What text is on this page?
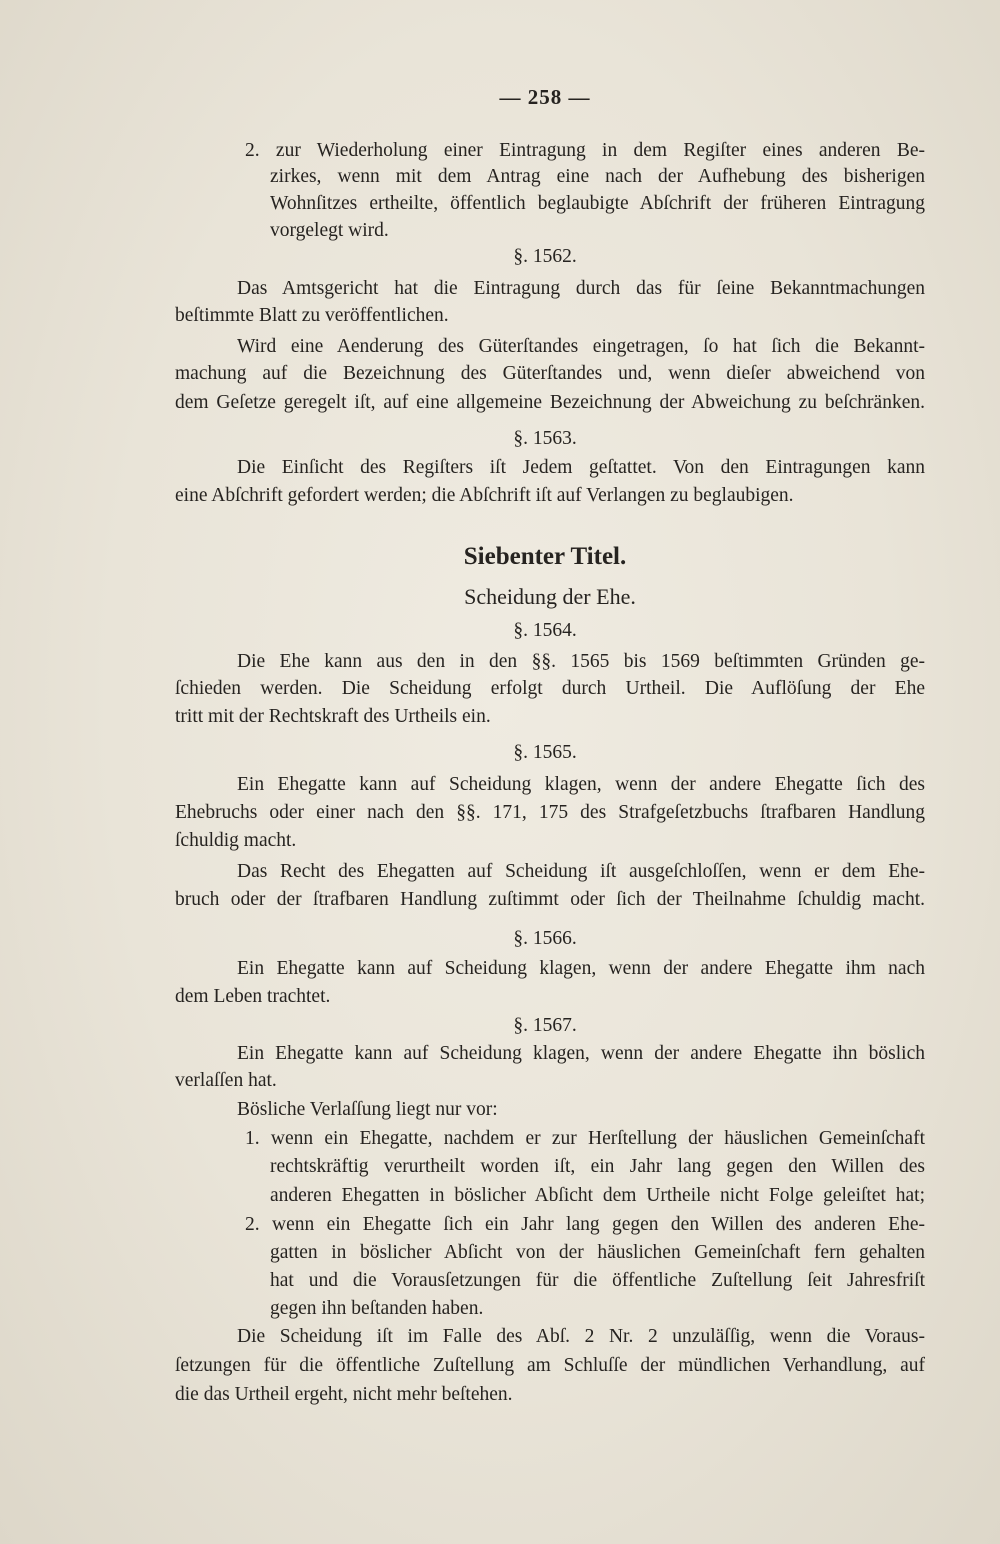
— 258 —
2. zur Wiederholung einer Eintragung in dem Regiſter eines anderen Be-
zirkes, wenn mit dem Antrag eine nach der Aufhebung des bisherigen
Wohnſitzes ertheilte, öffentlich beglaubigte Abſchrift der früheren Eintragung
vorgelegt wird.
§. 1562.
Das Amtsgericht hat die Eintragung durch das für ſeine Bekanntmachungen
beſtimmte Blatt zu veröffentlichen.
Wird eine Aenderung des Güterſtandes eingetragen, ſo hat ſich die Bekannt-
machung auf die Bezeichnung des Güterſtandes und, wenn dieſer abweichend von
dem Geſetze geregelt iſt, auf eine allgemeine Bezeichnung der Abweichung zu beſchränken.
§. 1563.
Die Einſicht des Regiſters iſt Jedem geſtattet. Von den Eintragungen kann
eine Abſchrift gefordert werden; die Abſchrift iſt auf Verlangen zu beglaubigen.
Siebenter Titel.
Scheidung der Ehe.
§. 1564.
Die Ehe kann aus den in den §§. 1565 bis 1569 beſtimmten Gründen ge-
ſchieden werden. Die Scheidung erfolgt durch Urtheil. Die Auflöſung der Ehe
tritt mit der Rechtskraft des Urtheils ein.
§. 1565.
Ein Ehegatte kann auf Scheidung klagen, wenn der andere Ehegatte ſich des
Ehebruchs oder einer nach den §§. 171, 175 des Strafgeſetzbuchs ſtrafbaren Handlung
ſchuldig macht.
Das Recht des Ehegatten auf Scheidung iſt ausgeſchloſſen, wenn er dem Ehe-
bruch oder der ſtrafbaren Handlung zuſtimmt oder ſich der Theilnahme ſchuldig macht.
§. 1566.
Ein Ehegatte kann auf Scheidung klagen, wenn der andere Ehegatte ihm nach
dem Leben trachtet.
§. 1567.
Ein Ehegatte kann auf Scheidung klagen, wenn der andere Ehegatte ihn böslich
verlaſſen hat.
Bösliche Verlaſſung liegt nur vor:
1. wenn ein Ehegatte, nachdem er zur Herſtellung der häuslichen Gemeinſchaft
rechtskräftig verurtheilt worden iſt, ein Jahr lang gegen den Willen des
anderen Ehegatten in böslicher Abſicht dem Urtheile nicht Folge geleiſtet hat;
2. wenn ein Ehegatte ſich ein Jahr lang gegen den Willen des anderen Ehe-
gatten in böslicher Abſicht von der häuslichen Gemeinſchaft fern gehalten
hat und die Vorausſetzungen für die öffentliche Zuſtellung ſeit Jahresfriſt
gegen ihn beſtanden haben.
Die Scheidung iſt im Falle des Abſ. 2 Nr. 2 unzuläſſig, wenn die Voraus-
ſetzungen für die öffentliche Zuſtellung am Schluſſe der mündlichen Verhandlung, auf
die das Urtheil ergeht, nicht mehr beſtehen.
